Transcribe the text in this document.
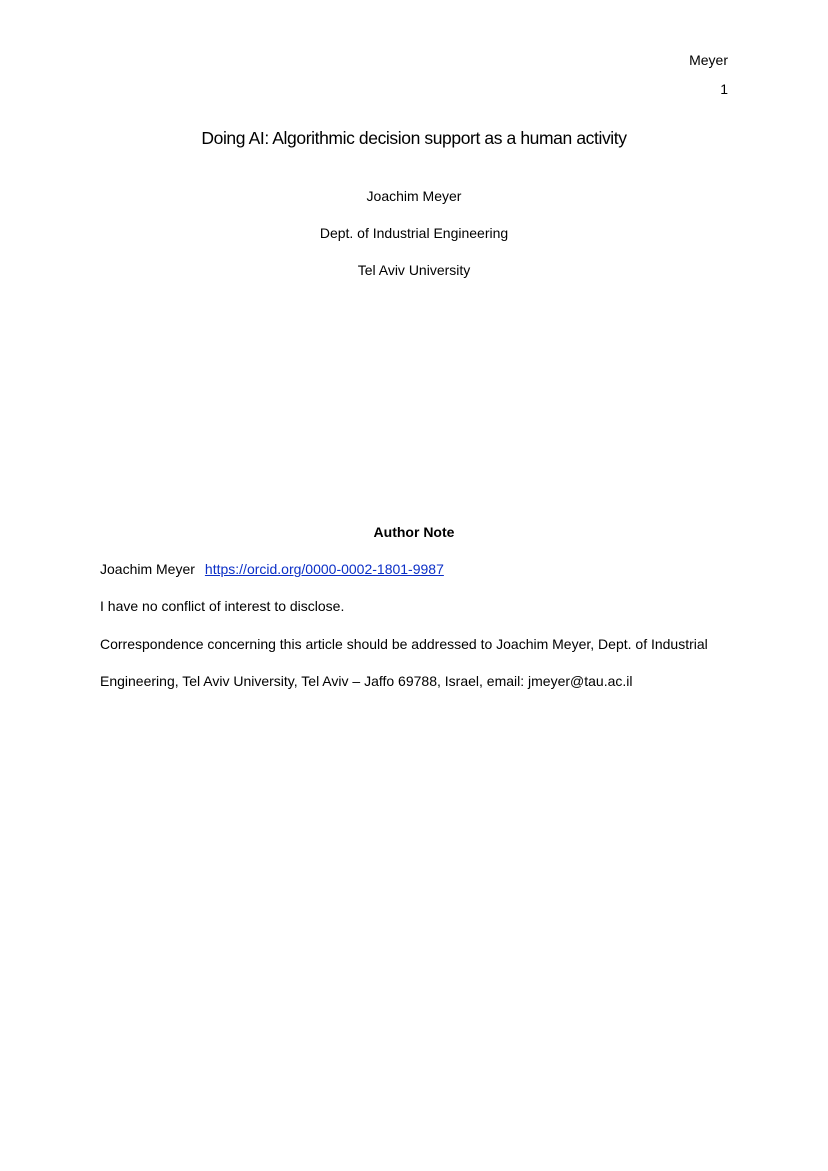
Meyer
1
Doing AI: Algorithmic decision support as a human activity
Joachim Meyer
Dept. of Industrial Engineering
Tel Aviv University
Author Note
Joachim Meyer https://orcid.org/0000-0002-1801-9987
I have no conflict of interest to disclose.
Correspondence concerning this article should be addressed to Joachim Meyer, Dept. of Industrial
Engineering, Tel Aviv University, Tel Aviv – Jaffo 69788, Israel, email: jmeyer@tau.ac.il
